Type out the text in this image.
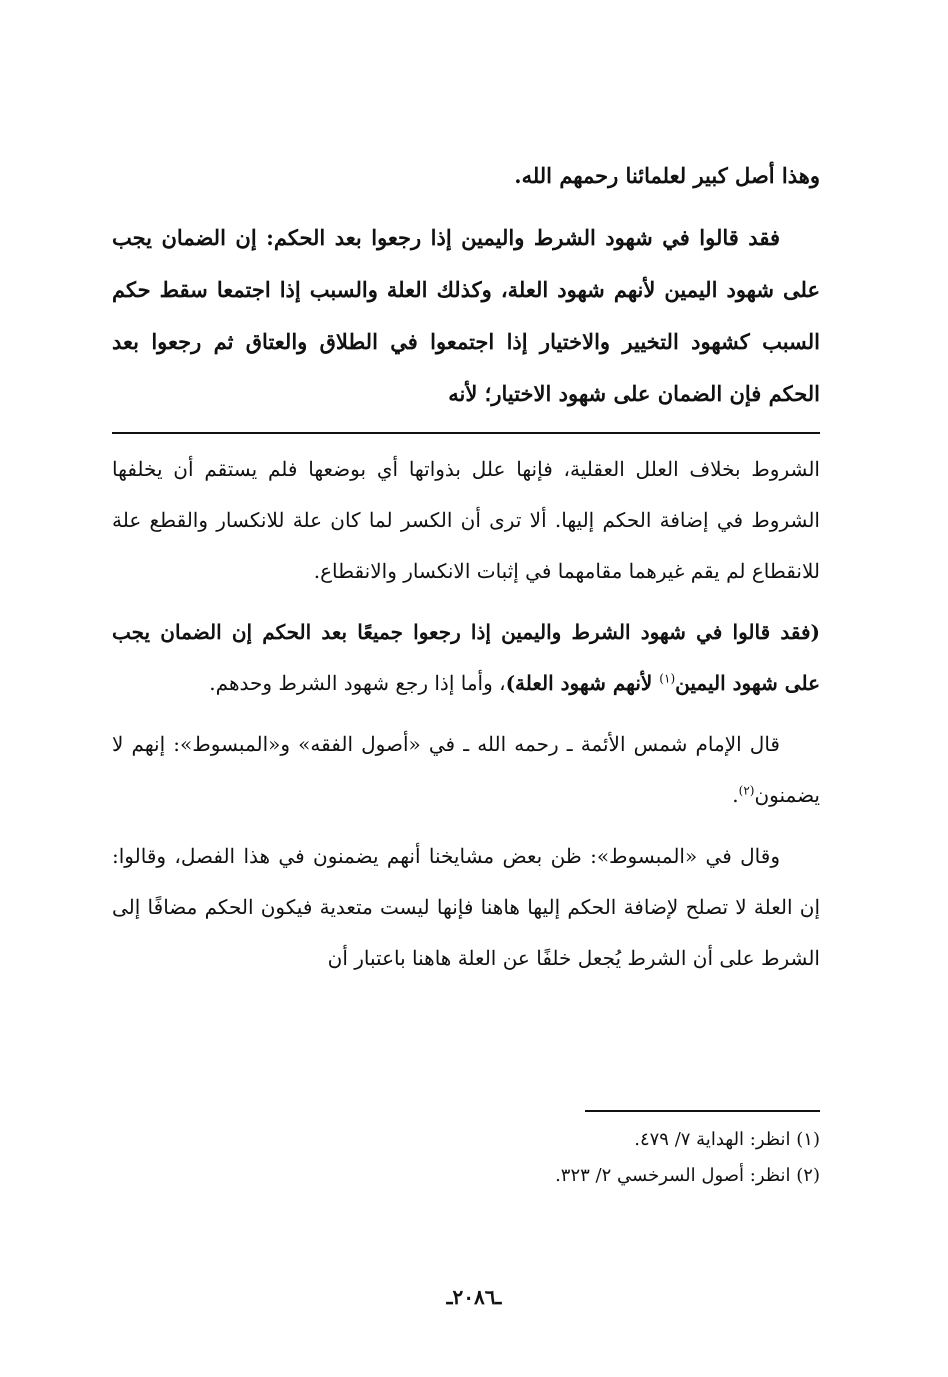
وهذا أصل كبير لعلمائنا رحمهم الله.

فقد قالوا في شهود الشرط واليمين إذا رجعوا بعد الحكم: إن الضمان يجب على شهود اليمين لأنهم شهود العلة، وكذلك العلة والسبب إذا اجتمعا سقط حكم السبب كشهود التخيير والاختيار إذا اجتمعوا في الطلاق والعتاق ثم رجعوا بعد الحكم فإن الضمان على شهود الاختيار؛ لأنه

الشروط بخلاف العلل العقلية، فإنها علل بذواتها أي بوضعها فلم يستقم أن يخلفها الشروط في إضافة الحكم إليها. ألا ترى أن الكسر لما كان علة للانكسار والقطع علة للانقطاع لم يقم غيرهما مقامهما في إثبات الانكسار والانقطاع.

(فقد قالوا في شهود الشرط واليمين إذا رجعوا جميعًا بعد الحكم إن الضمان يجب على شهود اليمين$^{(١)}$ لأنهم شهود العلة)، وأما إذا رجع شهود الشرط وحدهم.

قال الإمام شمس الأئمة ـ رحمه الله ـ في «أصول الفقه» و«المبسوط»: إنهم لا يضمنون$^{(٢)}$.

وقال في «المبسوط»: ظن بعض مشايخنا أنهم يضمنون في هذا الفصل، وقالوا: إن العلة لا تصلح لإضافة الحكم إليها هاهنا فإنها ليست متعدية فيكون الحكم مضافًا إلى الشرط على أن الشرط يُجعل خلفًا عن العلة هاهنا باعتبار أن

(١) انظر: الهداية ٧/ ٤٧٩.

(٢) انظر: أصول السرخسي ٢/ ٣٢٣.

ـ٢٠٨٦ـ
